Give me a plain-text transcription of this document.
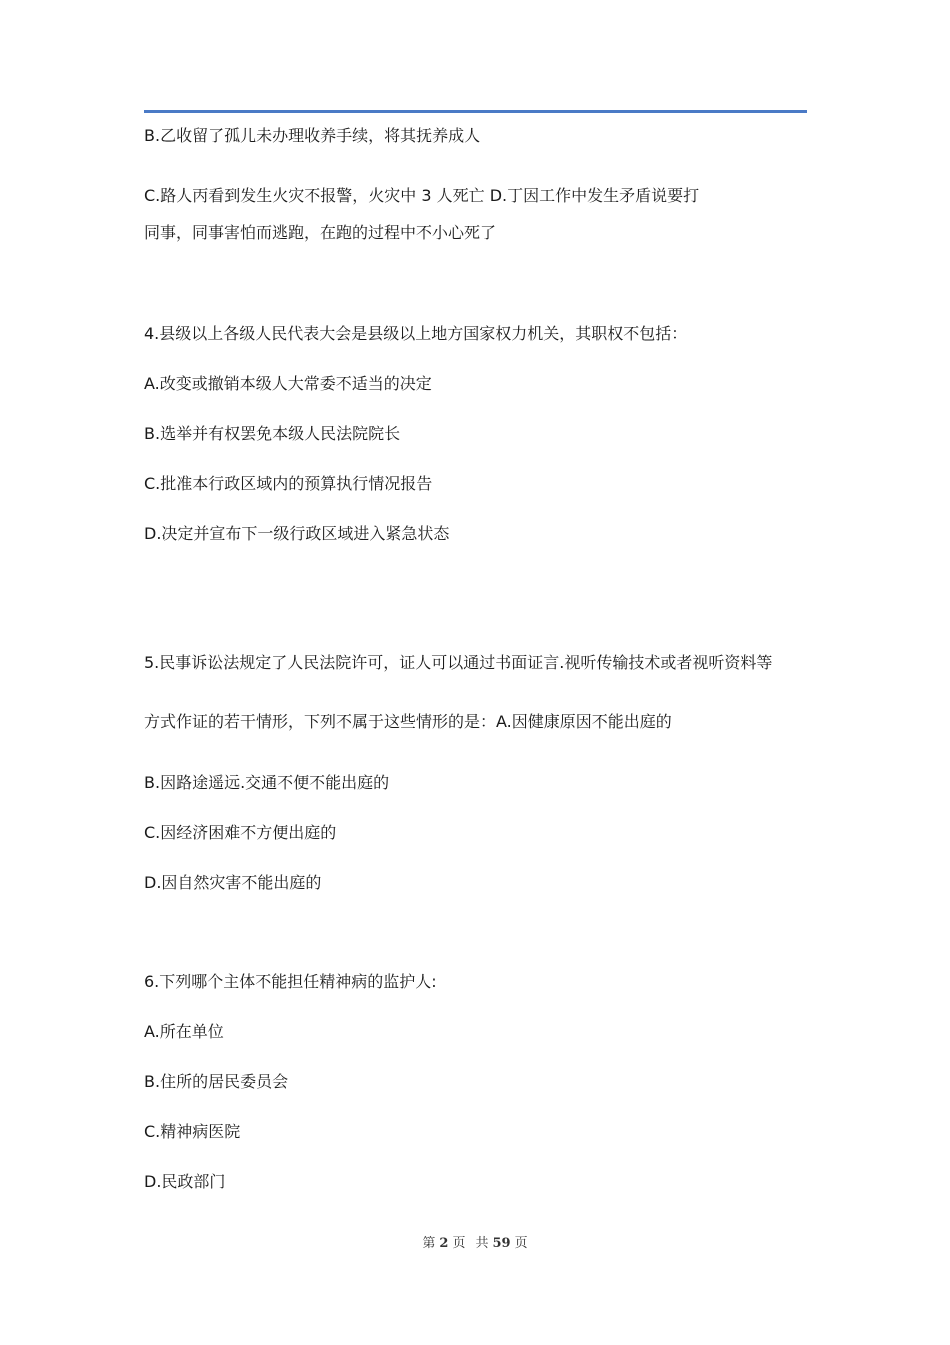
B.乙收留了孤儿未办理收养手续，将其抚养成人
C.路人丙看到发生火灾不报警，火灾中 3 人死亡 D.丁因工作中发生矛盾说要打
同事，同事害怕而逃跑，在跑的过程中不小心死了
4.县级以上各级人民代表大会是县级以上地方国家权力机关，其职权不包括：
A.改变或撤销本级人大常委不适当的决定
B.选举并有权罢免本级人民法院院长
C.批准本行政区域内的预算执行情况报告
D.决定并宣布下一级行政区域进入紧急状态
5.民事诉讼法规定了人民法院许可，证人可以通过书面证言.视听传输技术或者视听资料等
方式作证的若干情形，下列不属于这些情形的是：A.因健康原因不能出庭的
B.因路途遥远.交通不便不能出庭的
C.因经济困难不方便出庭的
D.因自然灾害不能出庭的
6.下列哪个主体不能担任精神病的监护人:
A.所在单位
B.住所的居民委员会
C.精神病医院
D.民政部门
第 2 页 共 59 页
